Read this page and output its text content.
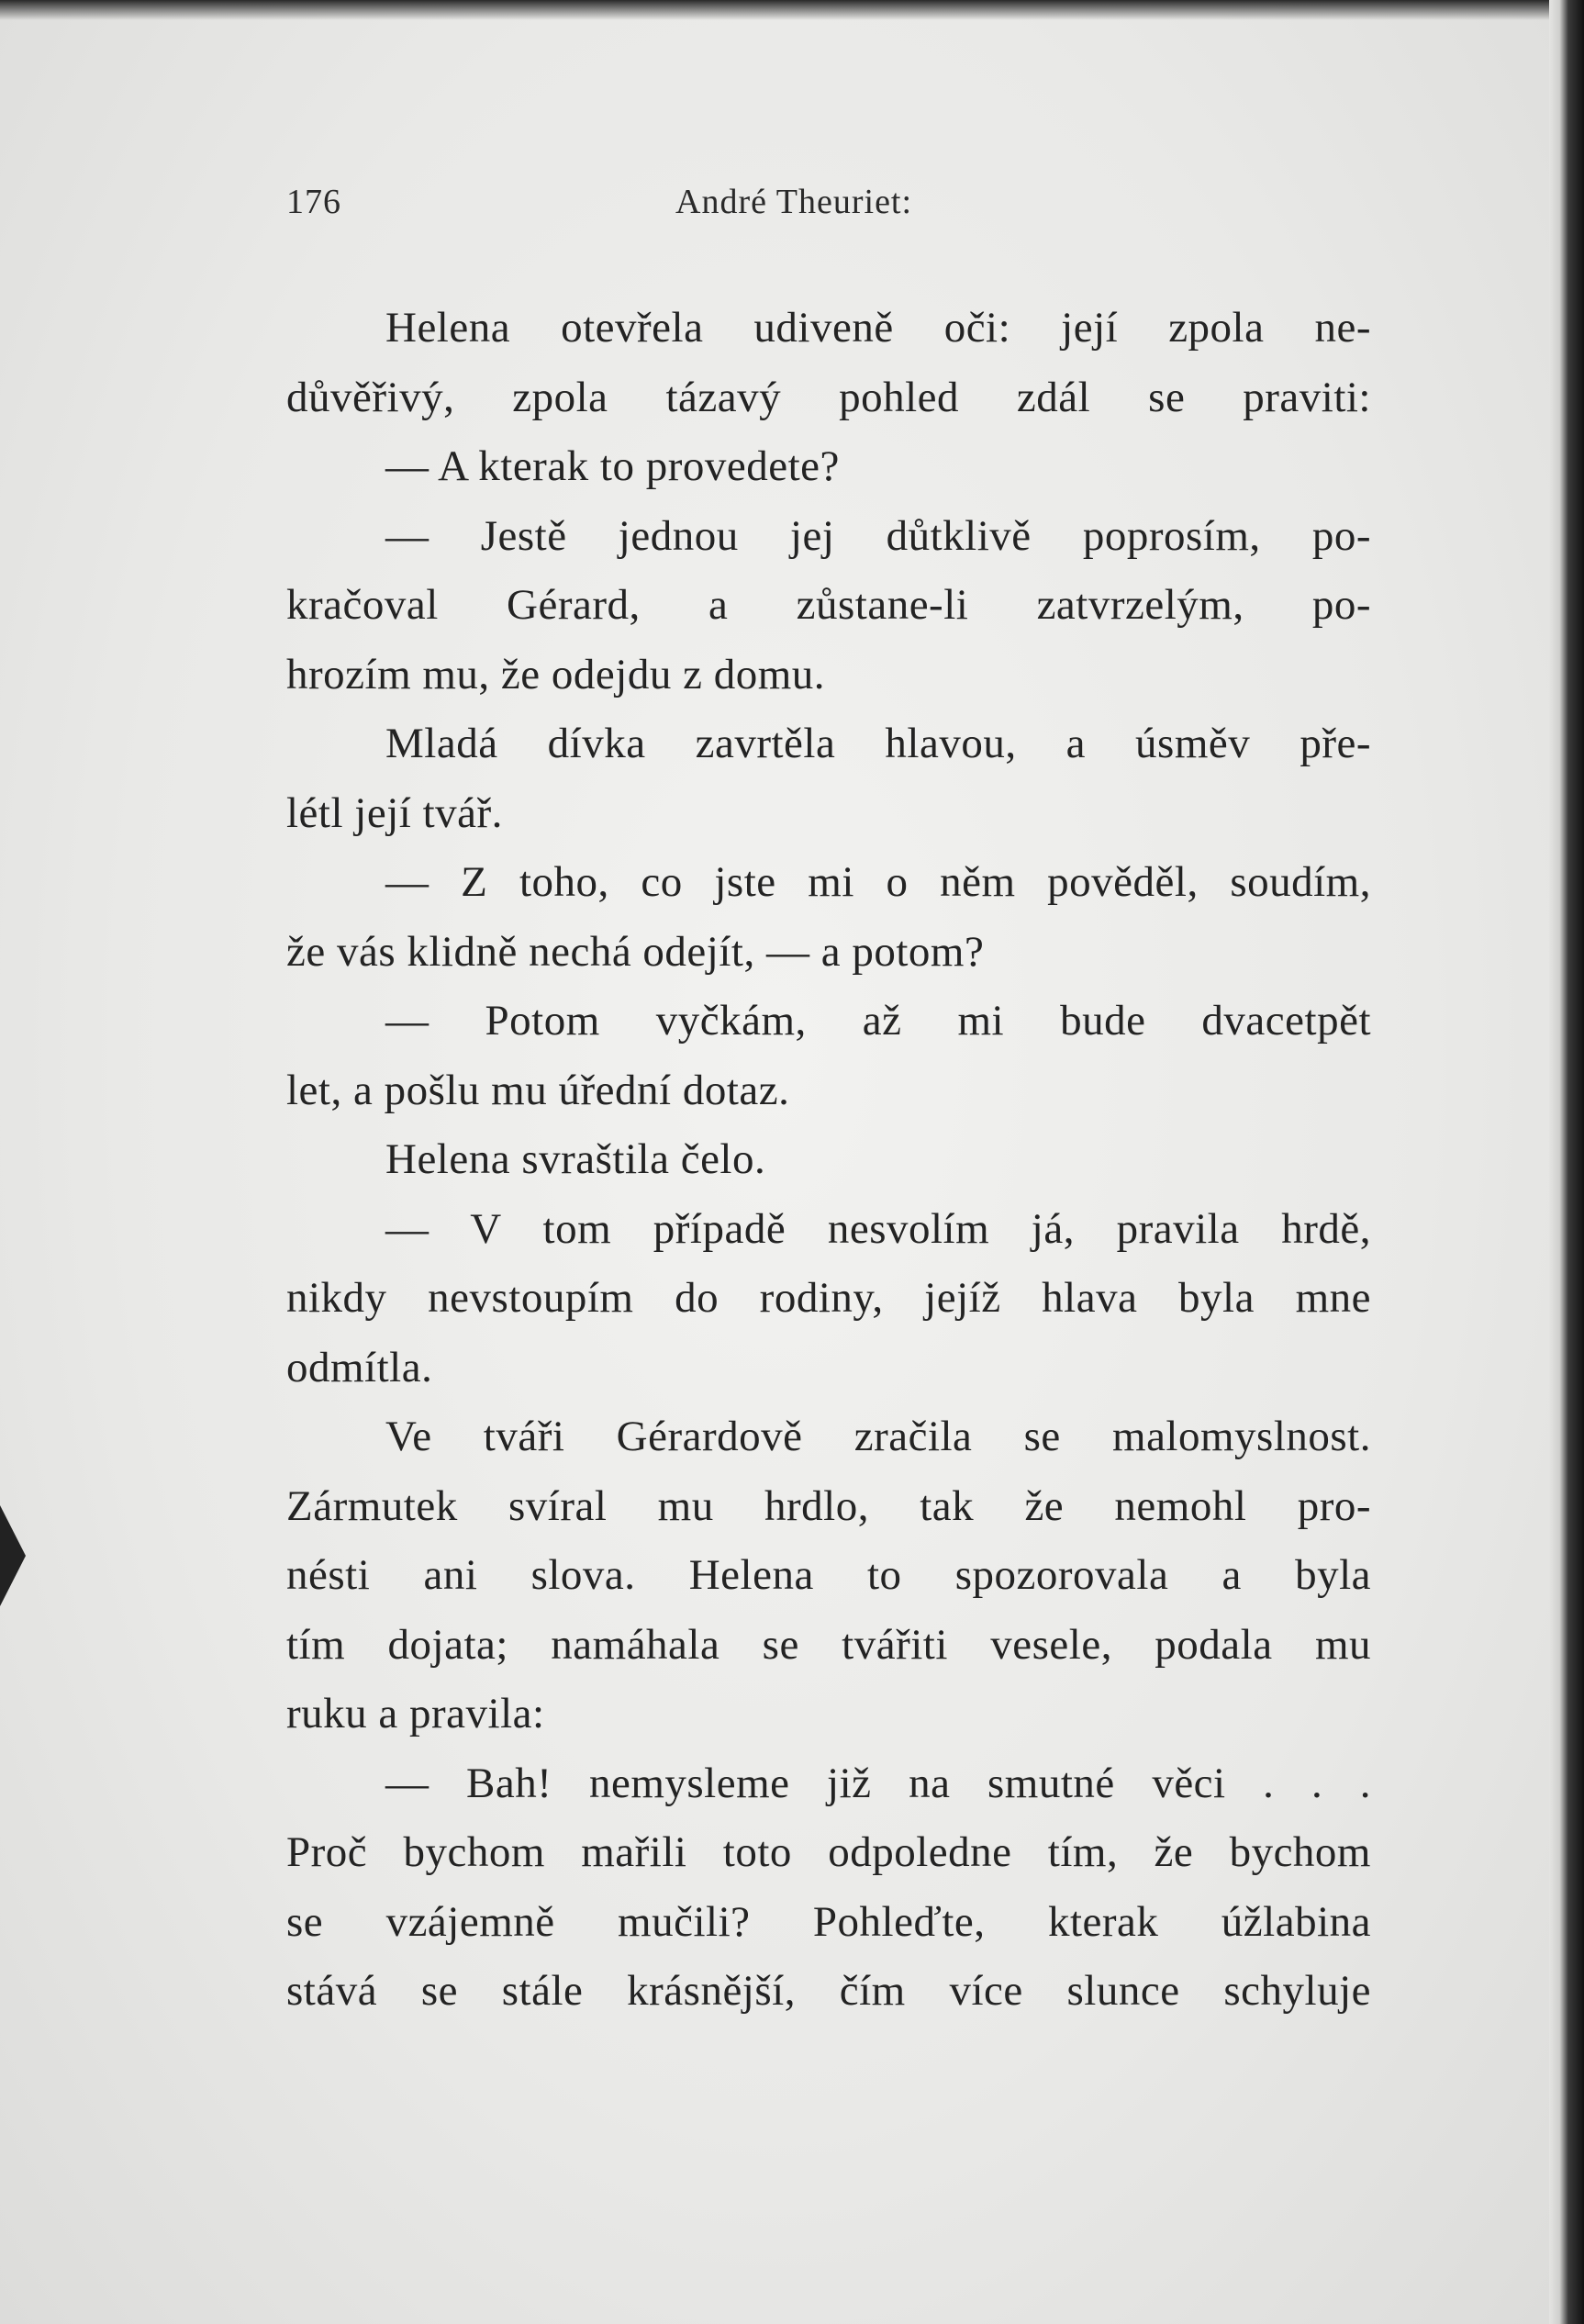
176	André Theuriet:
Helena otevřela udiveně oči: její zpola ne-
důvěřivý, zpola tázavý pohled zdál se praviti:
— A kterak to provedete?
— Jestě jednou jej důtklivě poprosím, po-
kračoval Gérard, a zůstane-li zatvrzelým, po-
hrozím mu, že odejdu z domu.
Mladá dívka zavrtěla hlavou, a úsměv pře-
létl její tvář.
— Z toho, co jste mi o něm pověděl, soudím,
že vás klidně nechá odejít, — a potom?
— Potom vyčkám, až mi bude dvacetpět
let, a pošlu mu úřední dotaz.
Helena svraštila čelo.
— V tom případě nesvolím já, pravila hrdě,
nikdy nevstoupím do rodiny, jejíž hlava byla mne
odmítla.
Ve tváři Gérardově zračila se malomyslnost.
Zármutek svíral mu hrdlo, tak že nemohl pro-
nésti ani slova. Helena to spozorovala a byla
tím dojata; namáhala se tvářiti vesele, podala mu
ruku a pravila:
— Bah! nemysleme již na smutné věci . . .
Proč bychom mařili toto odpoledne tím, že bychom
se vzájemně mučili? Pohleďte, kterak úžlabina
stává se stále krásnější, čím více slunce schyluje
